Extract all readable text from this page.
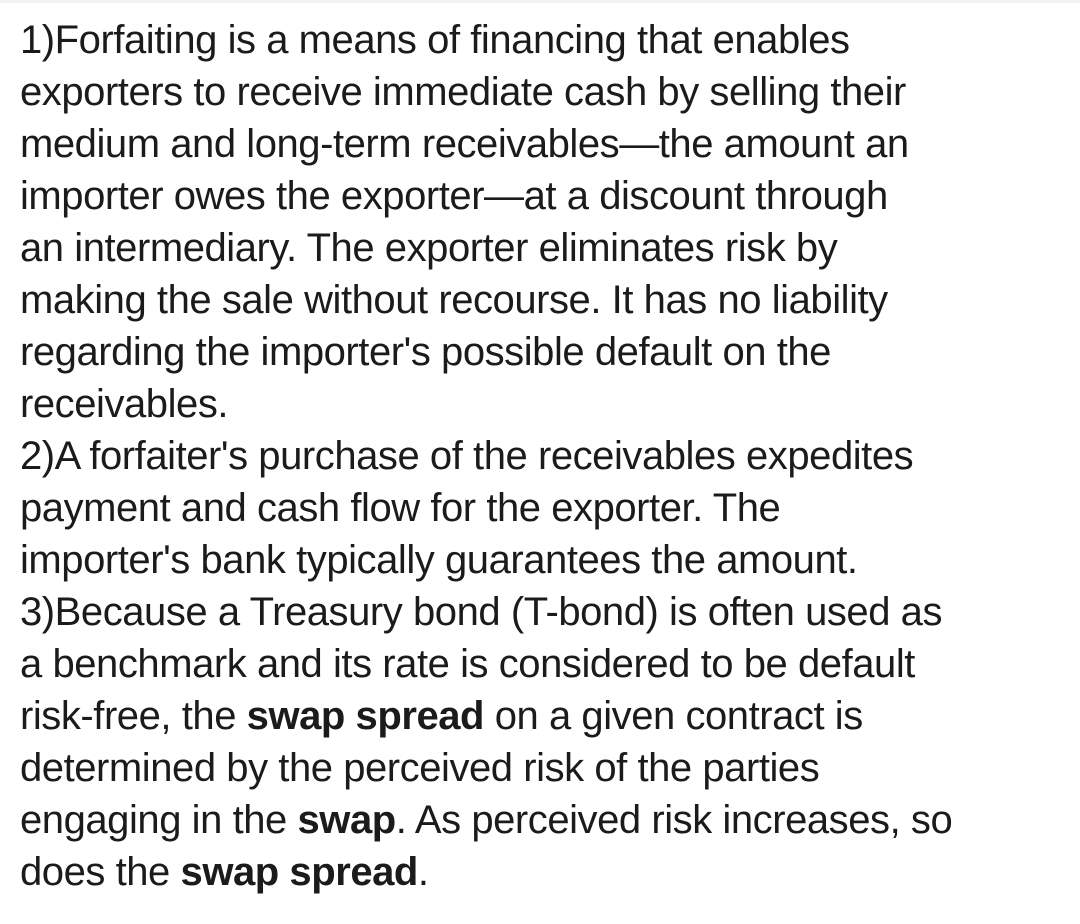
1)Forfaiting is a means of financing that enables
exporters to receive immediate cash by selling their
medium and long-term receivables—the amount an
importer owes the exporter—at a discount through
an intermediary. The exporter eliminates risk by
making the sale without recourse. It has no liability
regarding the importer's possible default on the
receivables.
2)A forfaiter's purchase of the receivables expedites
payment and cash flow for the exporter. The
importer's bank typically guarantees the amount.
3)Because a Treasury bond (T-bond) is often used as
a benchmark and its rate is considered to be default
risk-free, the swap spread on a given contract is
determined by the perceived risk of the parties
engaging in the swap. As perceived risk increases, so
does the swap spread.
